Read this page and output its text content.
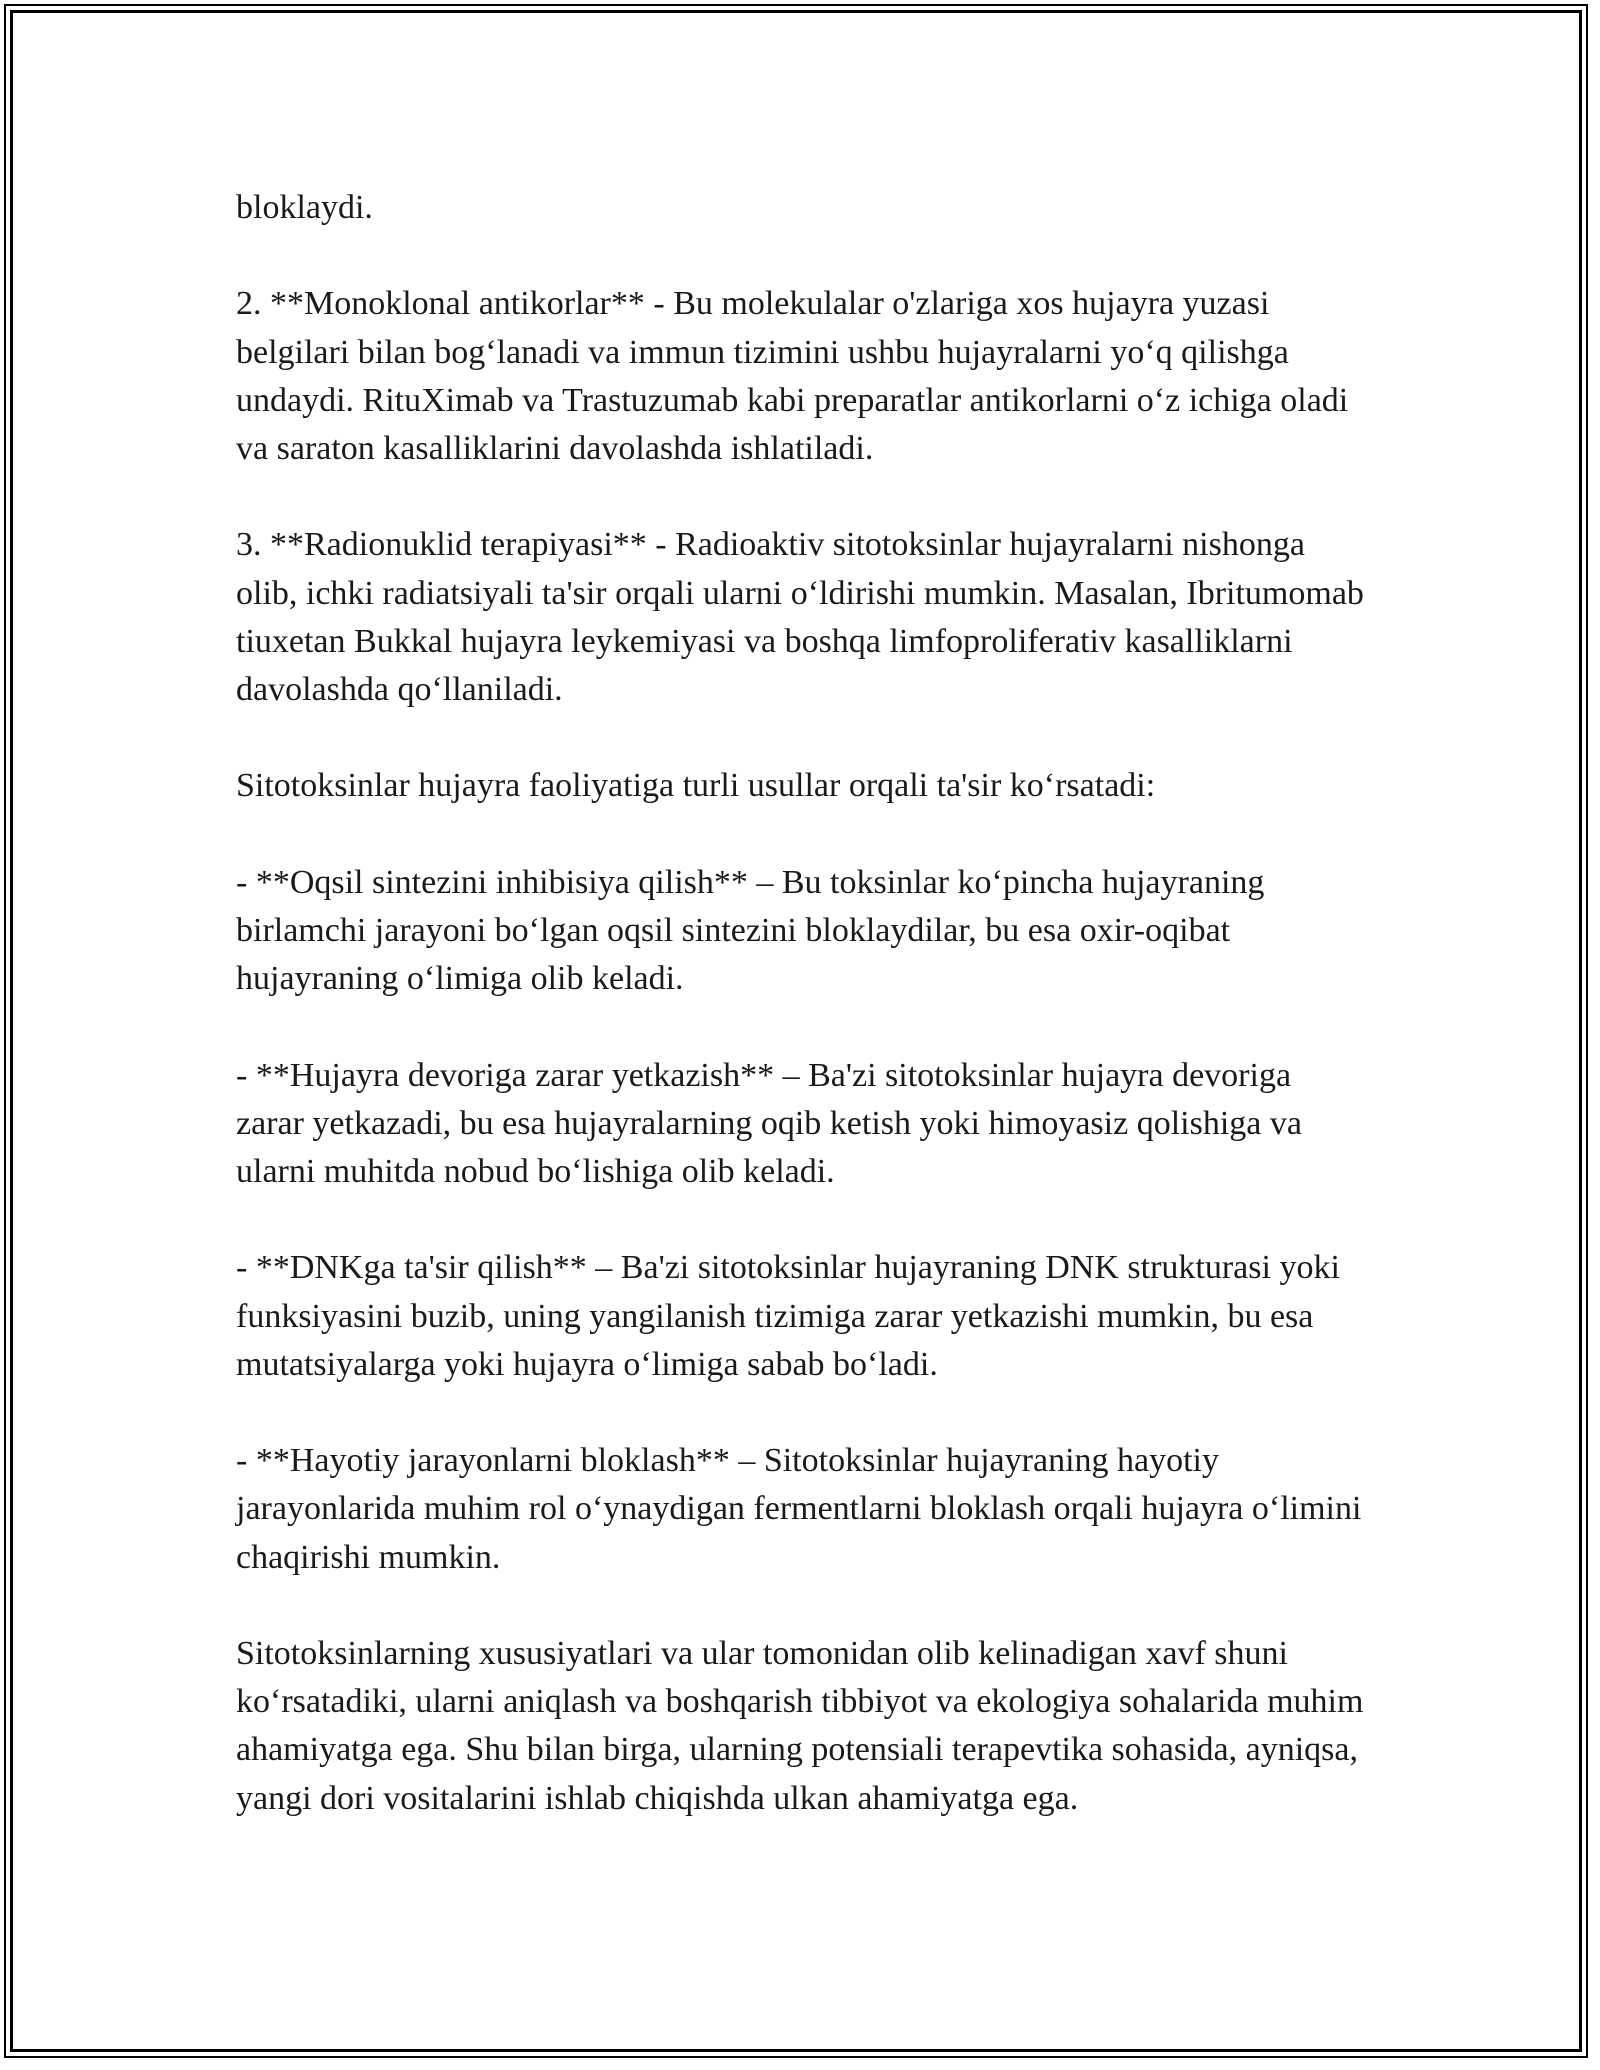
bloklaydi.

2. **Monoklonal antikorlar** - Bu molekulalar o'zlariga xos hujayra yuzasi belgilari bilan bog‘lanadi va immun tizimini ushbu hujayralarni yo‘q qilishga undaydi. RituXimab va Trastuzumab kabi preparatlar antikorlarni o‘z ichiga oladi va saraton kasalliklarini davolashda ishlatiladi.

3. **Radionuklid terapiyasi** - Radioaktiv sitotoksinlar hujayralarni nishonga olib, ichki radiatsiyali ta'sir orqali ularni o‘ldirishi mumkin. Masalan, Ibritumomab tiuxetan Bukkal hujayra leykemiyasi va boshqa limfoproliferativ kasalliklarni davolashda qo‘llaniladi.

Sitotoksinlar hujayra faoliyatiga turli usullar orqali ta'sir ko‘rsatadi:

- **Oqsil sintezini inhibisiya qilish** – Bu toksinlar ko‘pincha hujayraning birlamchi jarayoni bo‘lgan oqsil sintezini bloklaydilar, bu esa oxir-oqibat hujayraning o‘limiga olib keladi.

- **Hujayra devoriga zarar yetkazish** – Ba'zi sitotoksinlar hujayra devoriga zarar yetkazadi, bu esa hujayralarning oqib ketish yoki himoyasiz qolishiga va ularni muhitda nobud bo‘lishiga olib keladi.

- **DNKga ta'sir qilish** – Ba'zi sitotoksinlar hujayraning DNK strukturasi yoki funksiyasini buzib, uning yangilanish tizimiga zarar yetkazishi mumkin, bu esa mutatsiyalarga yoki hujayra o‘limiga sabab bo‘ladi.

- **Hayotiy jarayonlarni bloklash** – Sitotoksinlar hujayraning hayotiy jarayonlarida muhim rol o‘ynaydigan fermentlarni bloklash orqali hujayra o‘limini chaqirishi mumkin.

Sitotoksinlarning xususiyatlari va ular tomonidan olib kelinadigan xavf shuni ko‘rsatadiki, ularni aniqlash va boshqarish tibbiyot va ekologiya sohalarida muhim ahamiyatga ega. Shu bilan birga, ularning potensiali terapevtika sohasida, ayniqsa, yangi dori vositalarini ishlab chiqishda ulkan ahamiyatga ega.
